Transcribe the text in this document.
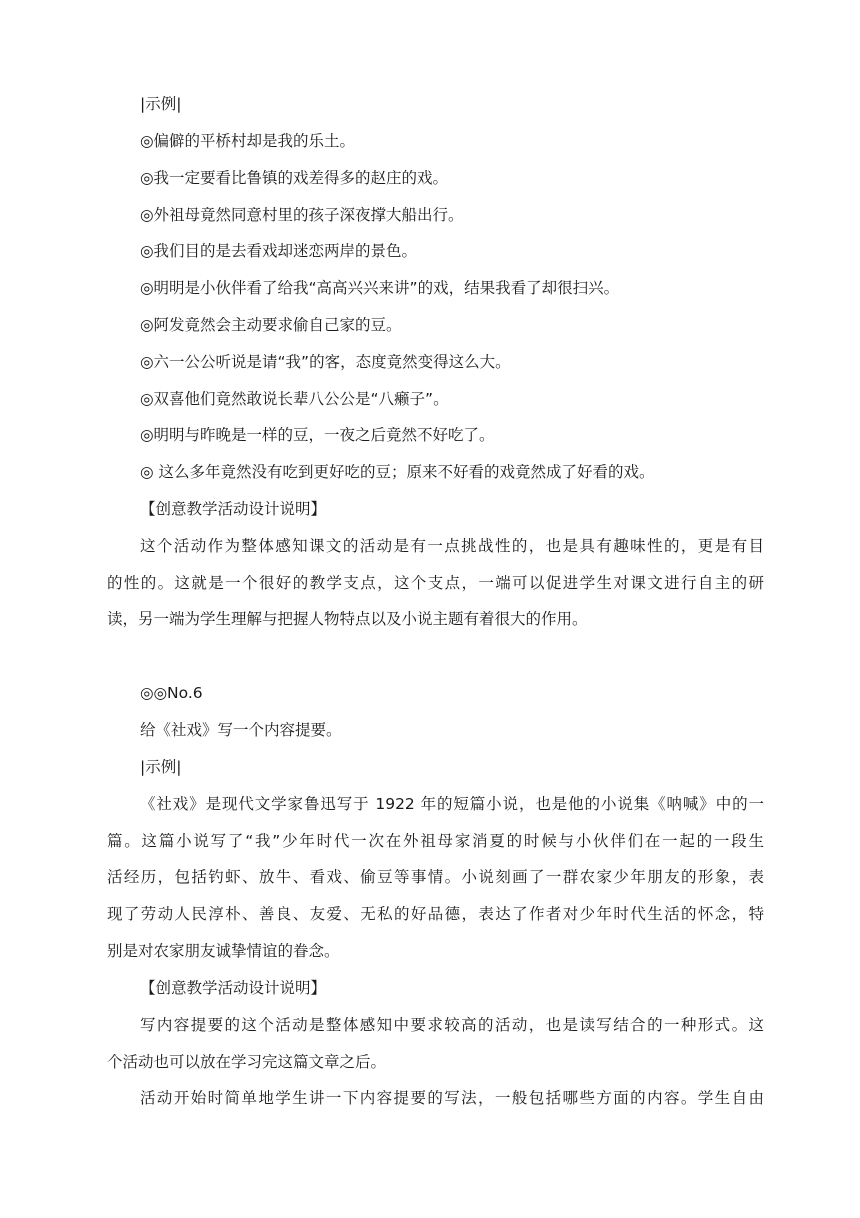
|示例|
◎偏僻的平桥村却是我的乐土。
◎我一定要看比鲁镇的戏差得多的赵庄的戏。
◎外祖母竟然同意村里的孩子深夜撑大船出行。
◎我们目的是去看戏却迷恋两岸的景色。
◎明明是小伙伴看了给我“高高兴兴来讲”的戏，结果我看了却很扫兴。
◎阿发竟然会主动要求偷自己家的豆。
◎六一公公听说是请“我”的客，态度竟然变得这么大。
◎双喜他们竟然敢说长辈八公公是“八癞子”。
◎明明与昨晚是一样的豆，一夜之后竟然不好吃了。
◎ 这么多年竟然没有吃到更好吃的豆；原来不好看的戏竟然成了好看的戏。
【创意教学活动设计说明】
这个活动作为整体感知课文的活动是有一点挑战性的，也是具有趣味性的，更是有目
的性的。这就是一个很好的教学支点，这个支点，一端可以促进学生对课文进行自主的研
读，另一端为学生理解与把握人物特点以及小说主题有着很大的作用。
◎◎No.6
给《社戏》写一个内容提要。
|示例|
《社戏》是现代文学家鲁迅写于 1922 年的短篇小说，也是他的小说集《呐喊》中的一
篇。这篇小说写了“我”少年时代一次在外祖母家消夏的时候与小伙伴们在一起的一段生
活经历，包括钓虾、放牛、看戏、偷豆等事情。小说刻画了一群农家少年朋友的形象，表
现了劳动人民淳朴、善良、友爱、无私的好品德，表达了作者对少年时代生活的怀念，特
别是对农家朋友诚挚情谊的眷念。
【创意教学活动设计说明】
写内容提要的这个活动是整体感知中要求较高的活动，也是读写结合的一种形式。这
个活动也可以放在学习完这篇文章之后。
活动开始时简单地学生讲一下内容提要的写法，一般包括哪些方面的内容。学生自由
